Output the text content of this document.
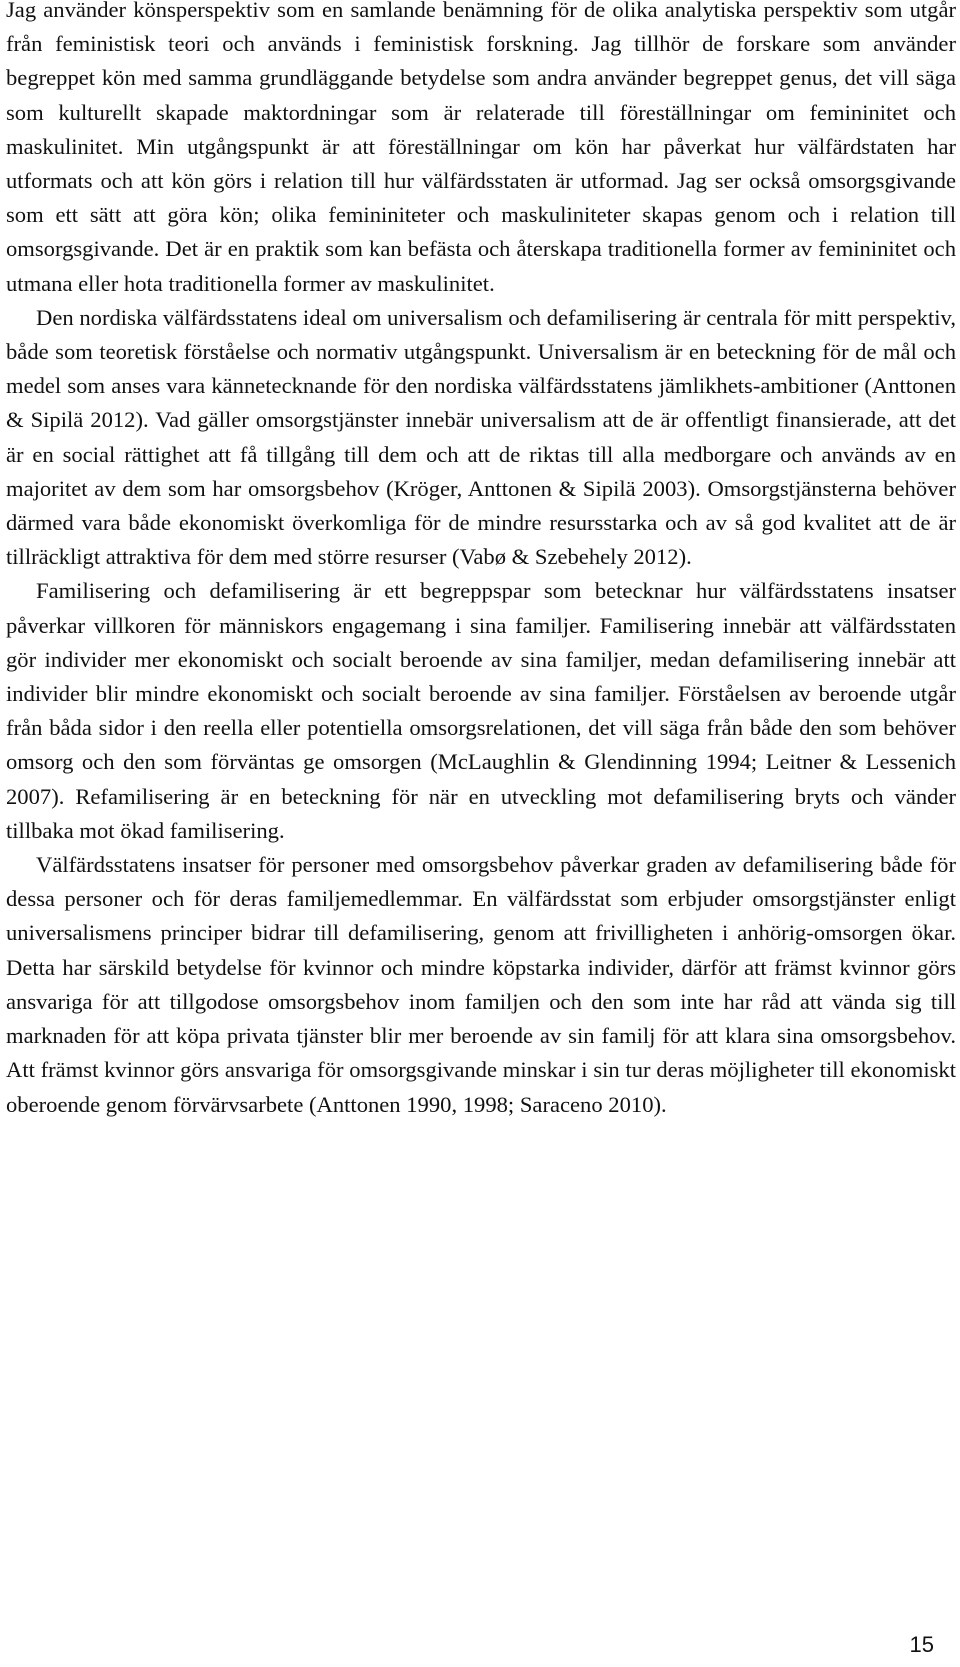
Jag använder könsperspektiv som en samlande benämning för de olika analytiska perspektiv som utgår från feministisk teori och används i feministisk forskning. Jag tillhör de forskare som använder begreppet kön med samma grundläggande betydelse som andra använder begreppet genus, det vill säga som kulturellt skapade maktordningar som är relaterade till föreställningar om femininitet och maskulinitet. Min utgångspunkt är att föreställningar om kön har påverkat hur välfärdstaten har utformats och att kön görs i relation till hur välfärdsstaten är utformad. Jag ser också omsorgsgivande som ett sätt att göra kön; olika femininiteter och maskuliniteter skapas genom och i relation till omsorgsgivande. Det är en praktik som kan befästa och återskapa traditionella former av femininitet och utmana eller hota traditionella former av maskulinitet.

Den nordiska välfärdsstatens ideal om universalism och defamilisering är centrala för mitt perspektiv, både som teoretisk förståelse och normativ utgångspunkt. Universalism är en beteckning för de mål och medel som anses vara kännetecknande för den nordiska välfärdsstatens jämlikhets-ambitioner (Anttonen & Sipilä 2012). Vad gäller omsorgstjänster innebär universalism att de är offentligt finansierade, att det är en social rättighet att få tillgång till dem och att de riktas till alla medborgare och används av en majoritet av dem som har omsorgsbehov (Kröger, Anttonen & Sipilä 2003). Omsorgstjänsterna behöver därmed vara både ekonomiskt överkomliga för de mindre resursstarka och av så god kvalitet att de är tillräckligt attraktiva för dem med större resurser (Vabø & Szebehely 2012).

Familisering och defamilisering är ett begreppspar som betecknar hur välfärdsstatens insatser påverkar villkoren för människors engagemang i sina familjer. Familisering innebär att välfärdsstaten gör individer mer ekonomiskt och socialt beroende av sina familjer, medan defamilisering innebär att individer blir mindre ekonomiskt och socialt beroende av sina familjer. Förståelsen av beroende utgår från båda sidor i den reella eller potentiella omsorgsrelationen, det vill säga från både den som behöver omsorg och den som förväntas ge omsorgen (McLaughlin & Glendinning 1994; Leitner & Lessenich 2007). Refamilisering är en beteckning för när en utveckling mot defamilisering bryts och vänder tillbaka mot ökad familisering.

Välfärdsstatens insatser för personer med omsorgsbehov påverkar graden av defamilisering både för dessa personer och för deras familjemedlemmar. En välfärdsstat som erbjuder omsorgstjänster enligt universalismens principer bidrar till defamilisering, genom att frivilligheten i anhörig-omsorgen ökar. Detta har särskild betydelse för kvinnor och mindre köpstarka individer, därför att främst kvinnor görs ansvariga för att tillgodose omsorgsbehov inom familjen och den som inte har råd att vända sig till marknaden för att köpa privata tjänster blir mer beroende av sin familj för att klara sina omsorgsbehov. Att främst kvinnor görs ansvariga för omsorgsgivande minskar i sin tur deras möjligheter till ekonomiskt oberoende genom förvärvsarbete (Anttonen 1990, 1998; Saraceno 2010).

15
